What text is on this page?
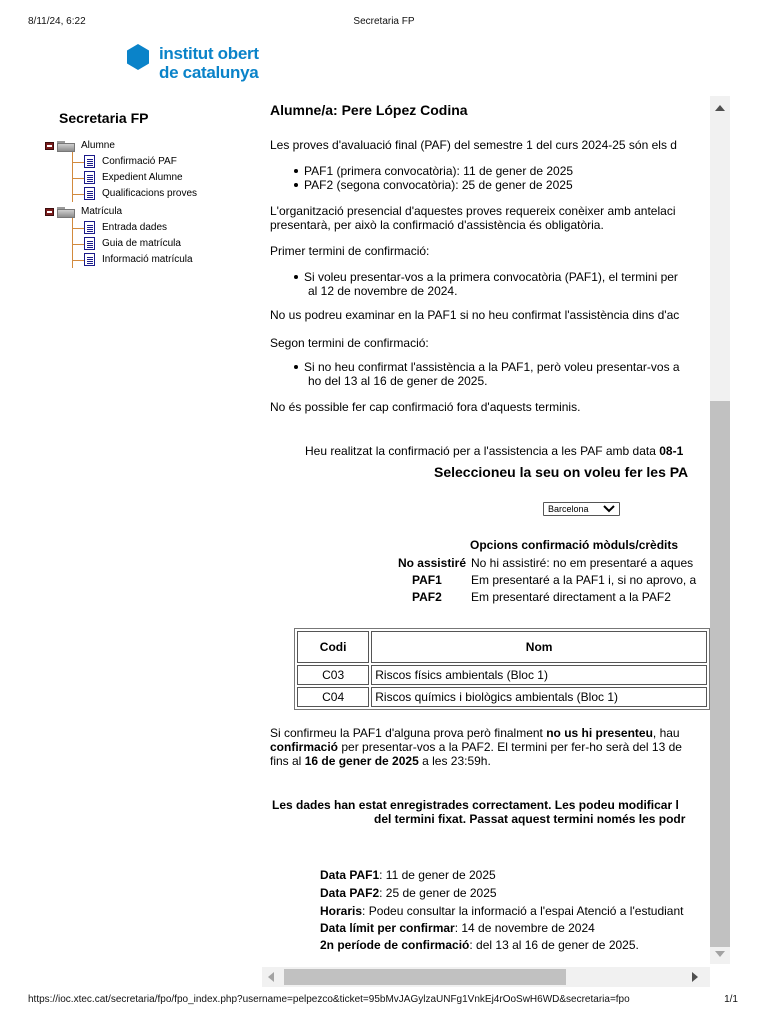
8/11/24, 6:22	Secretaria FP
institut obert
de catalunya
Secretaria FP
Alumne
Confirmació PAF
Expedient Alumne
Qualificacions proves
Matrícula
Entrada dades
Guia de matrícula
Informació matrícula
Alumne/a: Pere López Codina
Les proves d'avaluació final (PAF) del semestre 1 del curs 2024-25 són els d
PAF1 (primera convocatòria): 11 de gener de 2025
PAF2 (segona convocatòria): 25 de gener de 2025
L'organització presencial d'aquestes proves requereix conèixer amb antelaci
presentarà, per això la confirmació d'assistència és obligatòria.
Primer termini de confirmació:
Si voleu presentar-vos a la primera convocatòria (PAF1), el termini per
al 12 de novembre de 2024.
No us podreu examinar en la PAF1 si no heu confirmat l'assistència dins d'ac
Segon termini de confirmació:
Si no heu confirmat l'assistència a la PAF1, però voleu presentar-vos a
ho del 13 al 16 de gener de 2025.
No és possible fer cap confirmació fora d'aquests terminis.
Heu realitzat la confirmació per a l'assistencia a les PAF amb data 08-1
Seleccioneu la seu on voleu fer les PA
Barcelona
Opcions confirmació mòduls/crèdits
No assistiré No hi assistiré: no em presentaré a aques
PAF1 Em presentaré a la PAF1 i, si no aprovo, a
PAF2 Em presentaré directament a la PAF2
Codi	Nom
C03	Riscos físics ambientals (Bloc 1)
C04	Riscos químics i biològics ambientals (Bloc 1)
Si confirmeu la PAF1 d'alguna prova però finalment no us hi presenteu, hau
confirmació per presentar-vos a la PAF2. El termini per fer-ho serà del 13 de
fins al 16 de gener de 2025 a les 23:59h.
Les dades han estat enregistrades correctament. Les podeu modificar l
del termini fixat. Passat aquest termini només les podr
Data PAF1: 11 de gener de 2025
Data PAF2: 25 de gener de 2025
Horaris: Podeu consultar la informació a l'espai Atenció a l'estudiant
Data límit per confirmar: 14 de novembre de 2024
2n període de confirmació: del 13 al 16 de gener de 2025.
https://ioc.xtec.cat/secretaria/fpo/fpo_index.php?username=pelpezco&ticket=95bMvJAGylzaUNFg1VnkEj4rOoSwH6WD&secretaria=fpo	1/1
